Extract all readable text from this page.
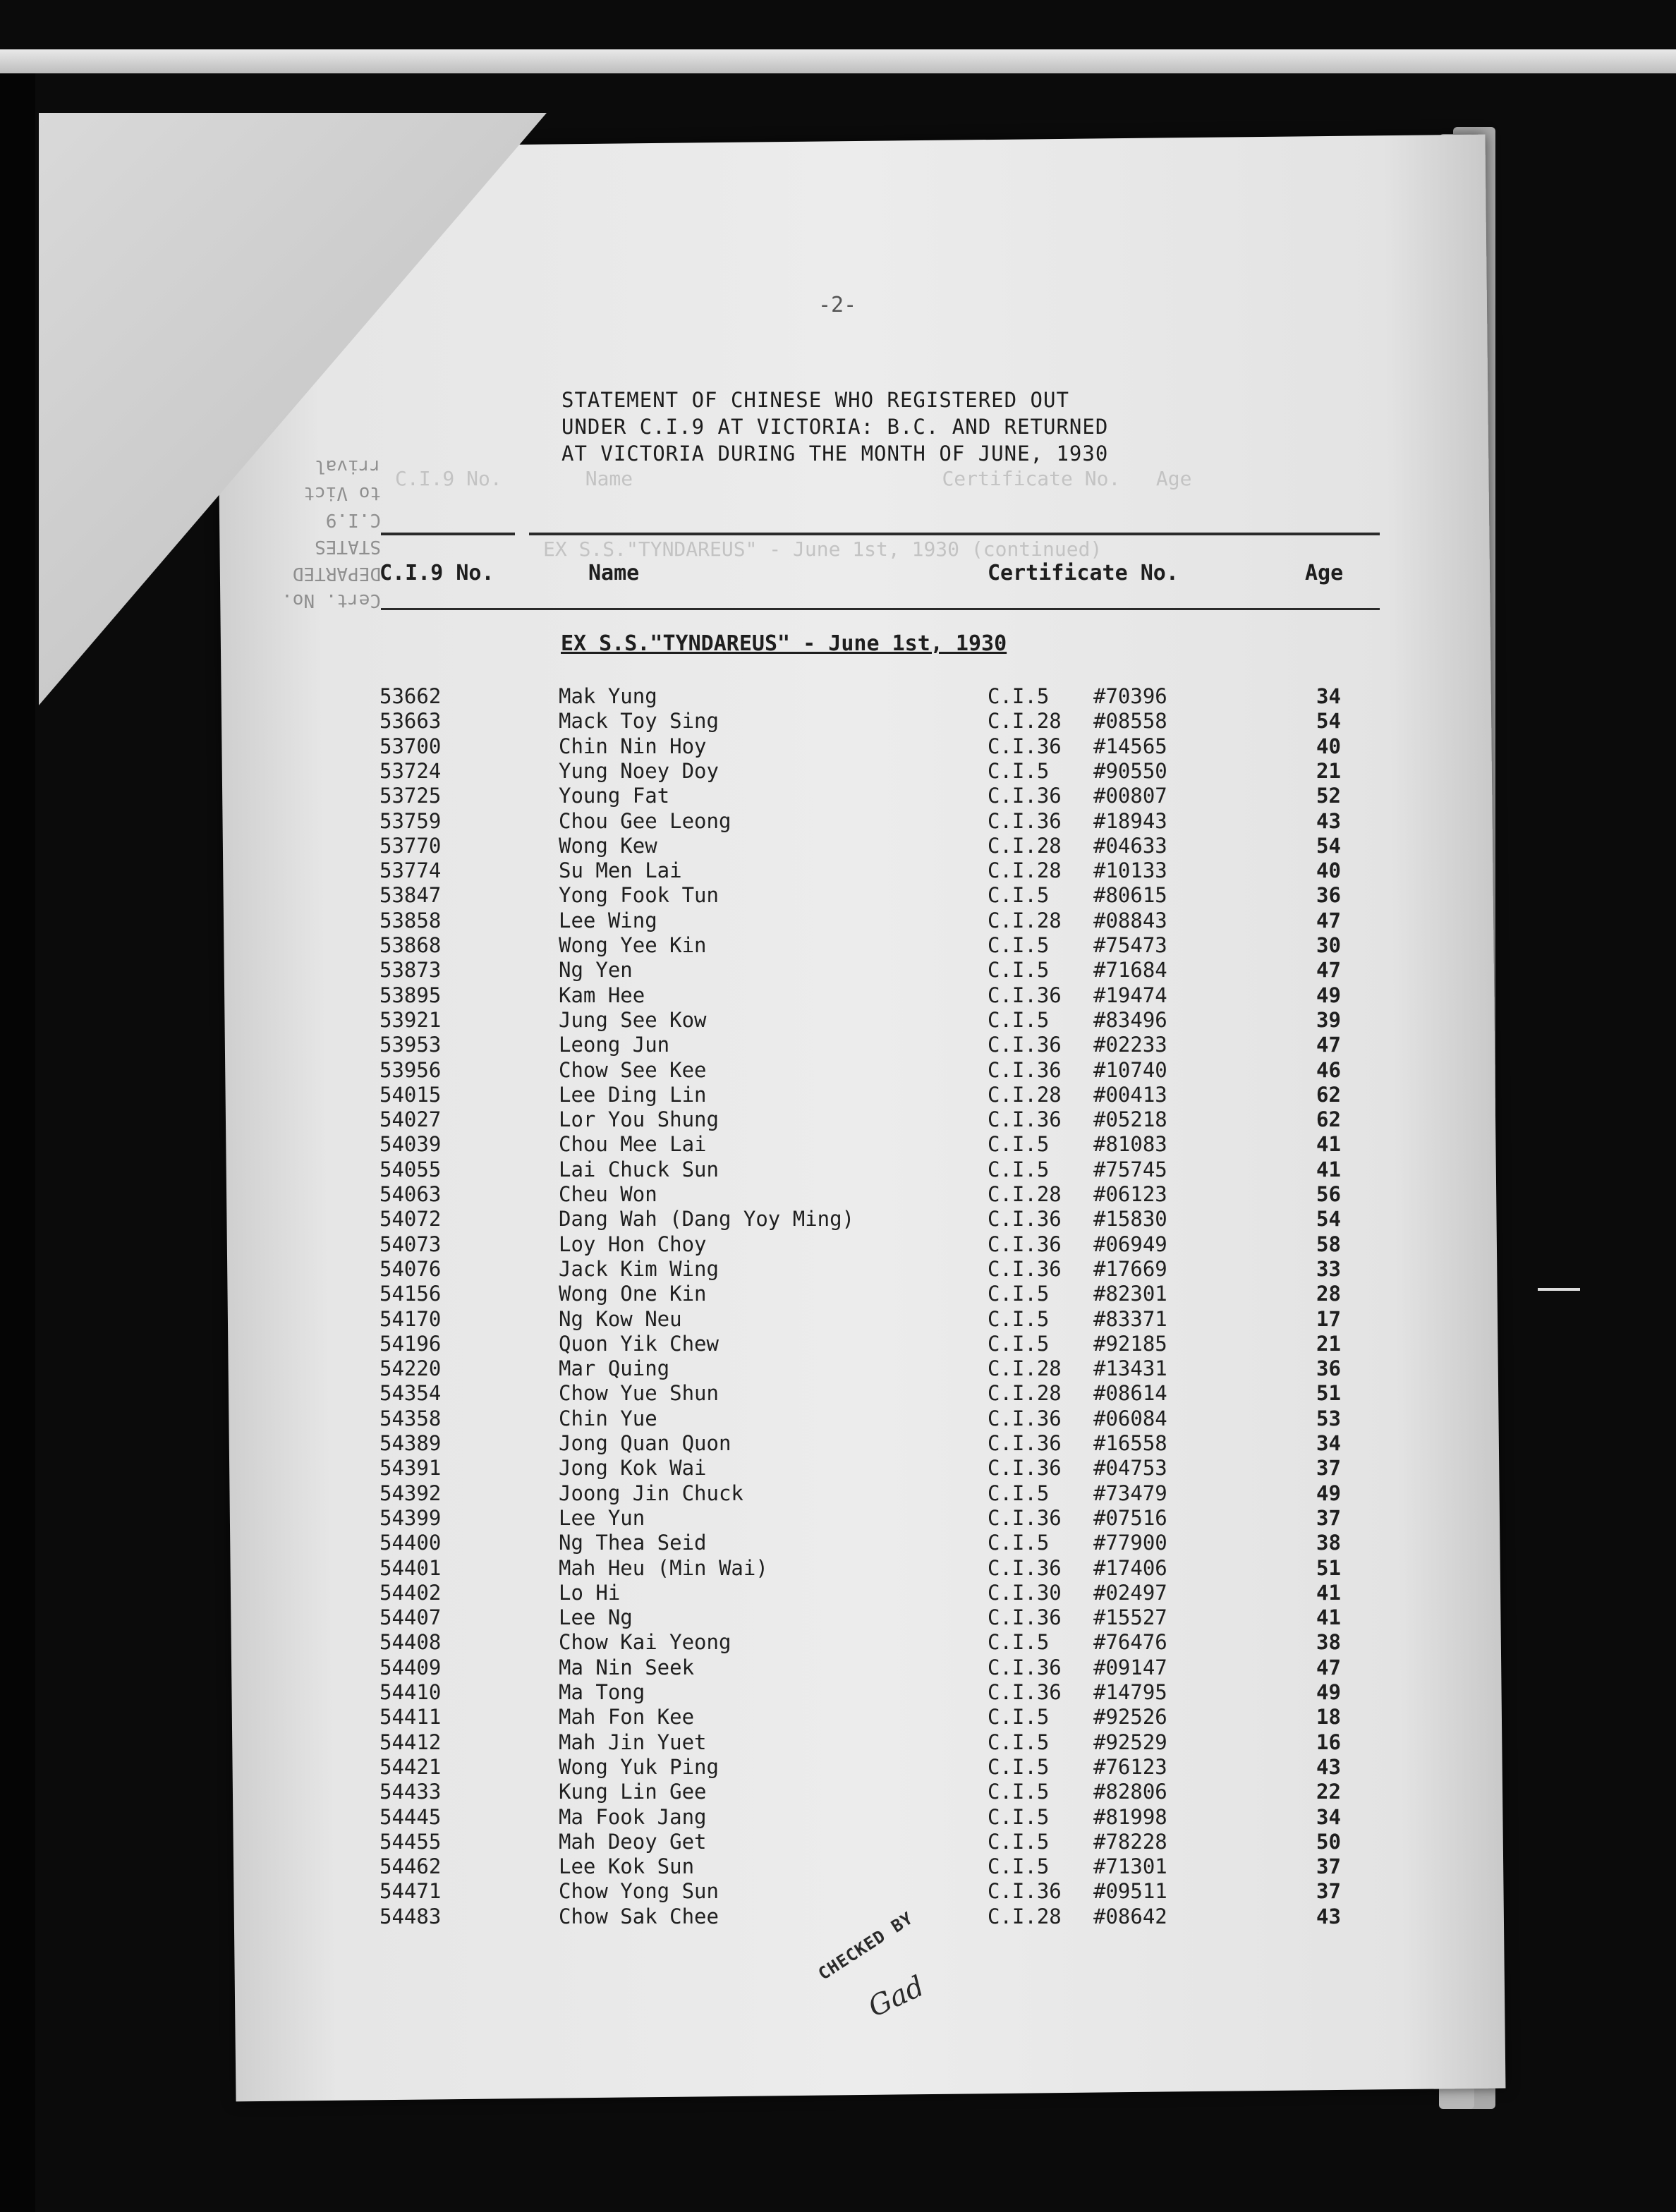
Cert. No.
DEPARTED
STATES
C.I.9
to Vict
rrival
-2-
STATEMENT OF CHINESE WHO REGISTERED OUT
UNDER C.I.9 AT VICTORIA: B.C. AND RETURNED
AT VICTORIA DURING THE MONTH OF JUNE, 1930
C.I.9 No.       Name                          Certificate No.   Age
EX S.S."TYNDAREUS" - June 1st, 1930 (continued)
C.I.9 No.	Name	Certificate No.	Age
EX S.S."TYNDAREUS" - June 1st, 1930
53662	Mak Yung	C.I.5 #70396	34
53663	Mack Toy Sing	C.I.28 #08558	54
53700	Chin Nin Hoy	C.I.36 #14565	40
53724	Yung Noey Doy	C.I.5 #90550	21
53725	Young Fat	C.I.36 #00807	52
53759	Chou Gee Leong	C.I.36 #18943	43
53770	Wong Kew	C.I.28 #04633	54
53774	Su Men Lai	C.I.28 #10133	40
53847	Yong Fook Tun	C.I.5 #80615	36
53858	Lee Wing	C.I.28 #08843	47
53868	Wong Yee Kin	C.I.5 #75473	30
53873	Ng Yen	C.I.5 #71684	47
53895	Kam Hee	C.I.36 #19474	49
53921	Jung See Kow	C.I.5 #83496	39
53953	Leong Jun	C.I.36 #02233	47
53956	Chow See Kee	C.I.36 #10740	46
54015	Lee Ding Lin	C.I.28 #00413	62
54027	Lor You Shung	C.I.36 #05218	62
54039	Chou Mee Lai	C.I.5 #81083	41
54055	Lai Chuck Sun	C.I.5 #75745	41
54063	Cheu Won	C.I.28 #06123	56
54072	Dang Wah (Dang Yoy Ming)	C.I.36 #15830	54
54073	Loy Hon Choy	C.I.36 #06949	58
54076	Jack Kim Wing	C.I.36 #17669	33
54156	Wong One Kin	C.I.5 #82301	28
54170	Ng Kow Neu	C.I.5 #83371	17
54196	Quon Yik Chew	C.I.5 #92185	21
54220	Mar Quing	C.I.28 #13431	36
54354	Chow Yue Shun	C.I.28 #08614	51
54358	Chin Yue	C.I.36 #06084	53
54389	Jong Quan Quon	C.I.36 #16558	34
54391	Jong Kok Wai	C.I.36 #04753	37
54392	Joong Jin Chuck	C.I.5 #73479	49
54399	Lee Yun	C.I.36 #07516	37
54400	Ng Thea Seid	C.I.5 #77900	38
54401	Mah Heu (Min Wai)	C.I.36 #17406	51
54402	Lo Hi	C.I.30 #02497	41
54407	Lee Ng	C.I.36 #15527	41
54408	Chow Kai Yeong	C.I.5 #76476	38
54409	Ma Nin Seek	C.I.36 #09147	47
54410	Ma Tong	C.I.36 #14795	49
54411	Mah Fon Kee	C.I.5 #92526	18
54412	Mah Jin Yuet	C.I.5 #92529	16
54421	Wong Yuk Ping	C.I.5 #76123	43
54433	Kung Lin Gee	C.I.5 #82806	22
54445	Ma Fook Jang	C.I.5 #81998	34
54455	Mah Deoy Get	C.I.5 #78228	50
54462	Lee Kok Sun	C.I.5 #71301	37
54471	Chow Yong Sun	C.I.36 #09511	37
54483	Chow Sak Chee	C.I.28 #08642	43
CHECKED BY
Gad
